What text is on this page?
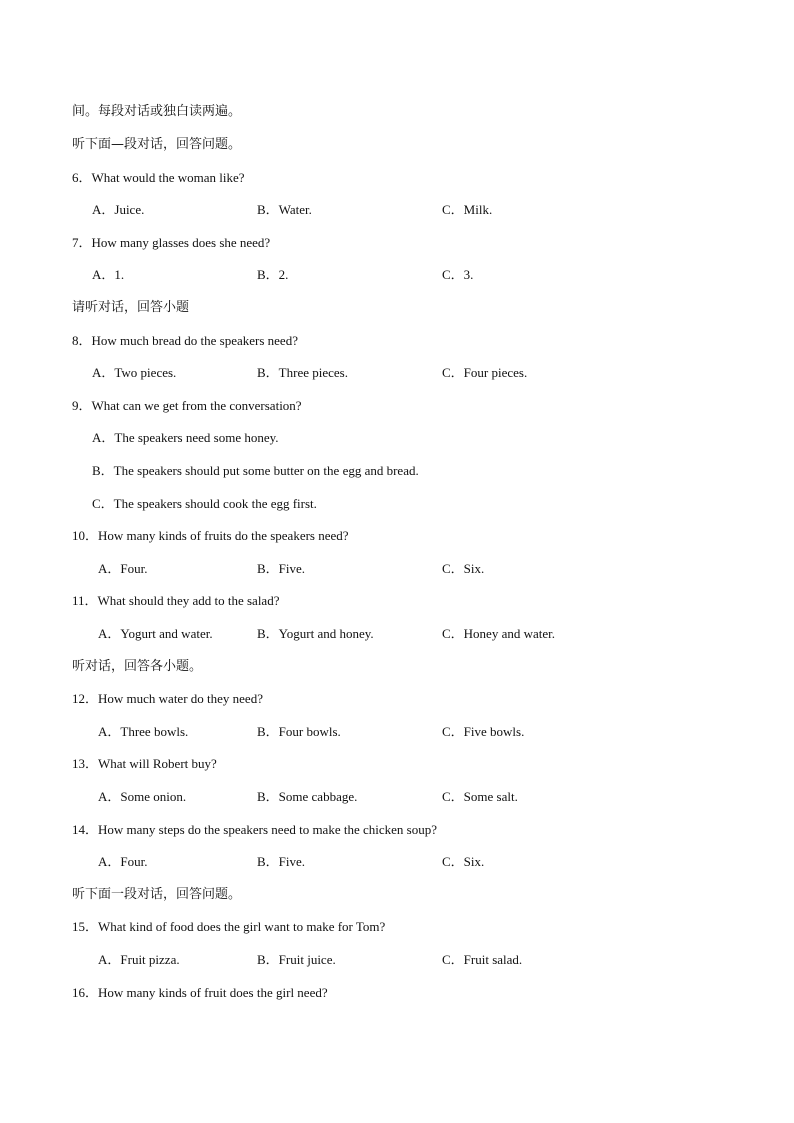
间。每段对话或独白读两遍。
听下面—段对话，回答问题。
6．What would the woman like?
A．Juice.	B．Water.	C．Milk.
7．How many glasses does she need?
A．1.	B．2.	C．3.
请听对话，回答小题
8．How much bread do the speakers need?
A．Two pieces.	B．Three pieces.	C．Four pieces.
9．What can we get from the conversation?
A．The speakers need some honey.
B．The speakers should put some butter on the egg and bread.
C．The speakers should cook the egg first.
10．How many kinds of fruits do the speakers need?
A．Four.	B．Five.	C．Six.
11．What should they add to the salad?
A．Yogurt and water.	B．Yogurt and honey.	C．Honey and water.
听对话，回答各小题。
12．How much water do they need?
A．Three bowls.	B．Four bowls.	C．Five bowls.
13．What will Robert buy?
A．Some onion.	B．Some cabbage.	C．Some salt.
14．How many steps do the speakers need to make the chicken soup?
A．Four.	B．Five.	C．Six.
听下面一段对话，回答问题。
15．What kind of food does the girl want to make for Tom?
A．Fruit pizza.	B．Fruit juice.	C．Fruit salad.
16．How many kinds of fruit does the girl need?
